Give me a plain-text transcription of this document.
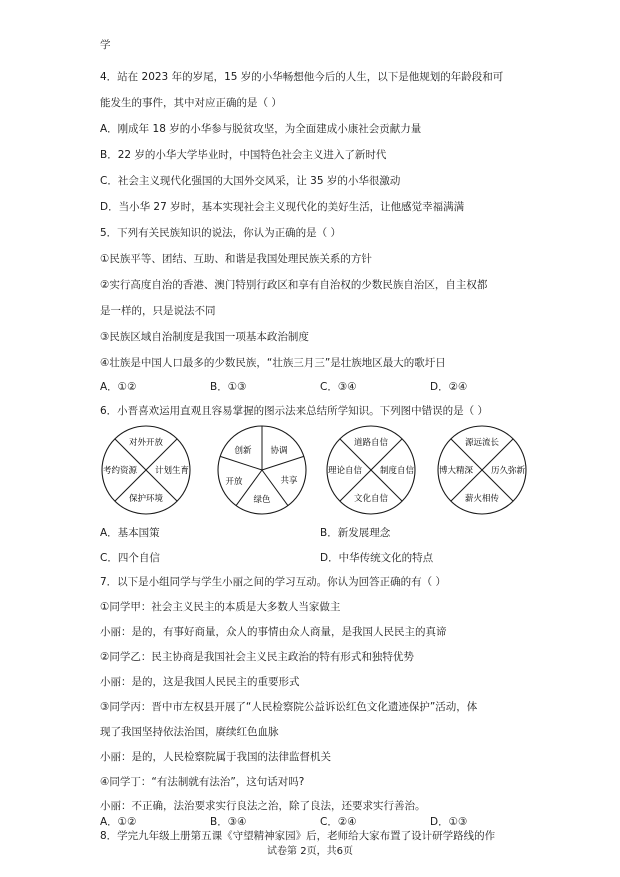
学
4．站在 2023 年的岁尾，15 岁的小华畅想他今后的人生，以下是他规划的年龄段和可
能发生的事件，其中对应正确的是（ ）
A．刚成年 18 岁的小华参与脱贫攻坚，为全面建成小康社会贡献力量
B．22 岁的小华大学毕业时，中国特色社会主义进入了新时代
C．社会主义现代化强国的大国外交风采，让 35 岁的小华很激动
D．当小华 27 岁时，基本实现社会主义现代化的美好生活，让他感觉幸福满满
5．下列有关民族知识的说法，你认为正确的是（ ）
①民族平等、团结、互助、和谐是我国处理民族关系的方针
②实行高度自治的香港、澳门特别行政区和享有自治权的少数民族自治区，自主权都
是一样的，只是说法不同
③民族区域自治制度是我国一项基本政治制度
④壮族是中国人口最多的少数民族，“壮族三月三”是壮族地区最大的歌圩日
A．①②	B．①③	C．③④	D．②④
6．小晋喜欢运用直观且容易掌握的图示法来总结所学知识。下列图中错误的是（ ）
对外开放
考约资源 计划生育
保护环境
创新 协调
开放	共享
绿色
道路自信
理论自信 制度自信
文化自信
源远流长
博大精深 历久弥新
薪火相传
A．基本国策	B．新发展理念
C．四个自信	D．中华传统文化的特点
7．以下是小组同学与学生小丽之间的学习互动。你认为回答正确的有（ ）
①同学甲：社会主义民主的本质是大多数人当家做主
小丽：是的，有事好商量，众人的事情由众人商量，是我国人民民主的真谛
②同学乙：民主协商是我国社会主义民主政治的特有形式和独特优势
小丽：是的，这是我国人民民主的重要形式
③同学丙：晋中市左权县开展了“人民检察院公益诉讼红色文化遗迹保护”活动，体
现了我国坚持依法治国，赓续红色血脉
小丽：是的，人民检察院属于我国的法律监督机关
④同学丁：“有法制就有法治”，这句话对吗?
小丽：不正确，法治要求实行良法之治，除了良法，还要求实行善治。
A．①②	B．③④	C．②④	D．①③
8．学完九年级上册第五课《守望精神家园》后，老师给大家布置了设计研学路线的作
试卷第 2页，共6页
